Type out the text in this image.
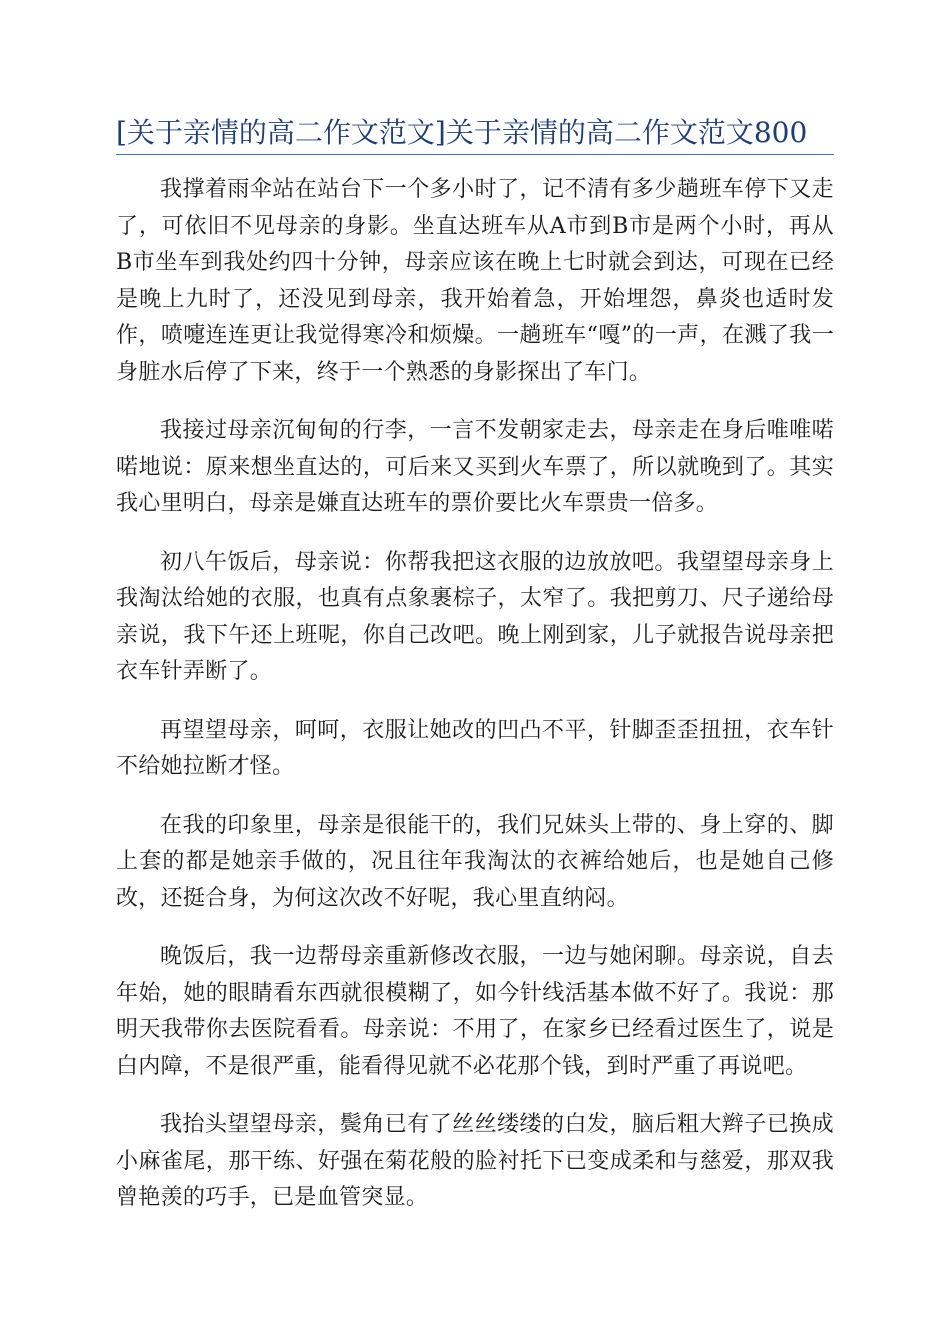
[关于亲情的高二作文范文]关于亲情的高二作文范文800

我撑着雨伞站在站台下一个多小时了，记不清有多少趟班车停下又走了，可依旧不见母亲的身影。坐直达班车从A市到B市是两个小时，再从B市坐车到我处约四十分钟，母亲应该在晚上七时就会到达，可现在已经是晚上九时了，还没见到母亲，我开始着急，开始埋怨，鼻炎也适时发作，喷嚏连连更让我觉得寒冷和烦燥。一趟班车“嘎”的一声，在溅了我一身脏水后停了下来，终于一个熟悉的身影探出了车门。

我接过母亲沉甸甸的行李，一言不发朝家走去，母亲走在身后唯唯喏喏地说：原来想坐直达的，可后来又买到火车票了，所以就晚到了。其实我心里明白，母亲是嫌直达班车的票价要比火车票贵一倍多。

初八午饭后，母亲说：你帮我把这衣服的边放放吧。我望望母亲身上我淘汰给她的衣服，也真有点象裹棕子，太窄了。我把剪刀、尺子递给母亲说，我下午还上班呢，你自己改吧。晚上刚到家，儿子就报告说母亲把衣车针弄断了。

再望望母亲，呵呵，衣服让她改的凹凸不平，针脚歪歪扭扭，衣车针不给她拉断才怪。

在我的印象里，母亲是很能干的，我们兄妹头上带的、身上穿的、脚上套的都是她亲手做的，况且往年我淘汰的衣裤给她后，也是她自己修改，还挺合身，为何这次改不好呢，我心里直纳闷。

晚饭后，我一边帮母亲重新修改衣服，一边与她闲聊。母亲说，自去年始，她的眼睛看东西就很模糊了，如今针线活基本做不好了。我说：那明天我带你去医院看看。母亲说：不用了，在家乡已经看过医生了，说是白内障，不是很严重，能看得见就不必花那个钱，到时严重了再说吧。

我抬头望望母亲，鬓角已有了丝丝缕缕的白发，脑后粗大辫子已换成小麻雀尾，那干练、好强在菊花般的脸衬托下已变成柔和与慈爱，那双我曾艳羡的巧手，已是血管突显。
